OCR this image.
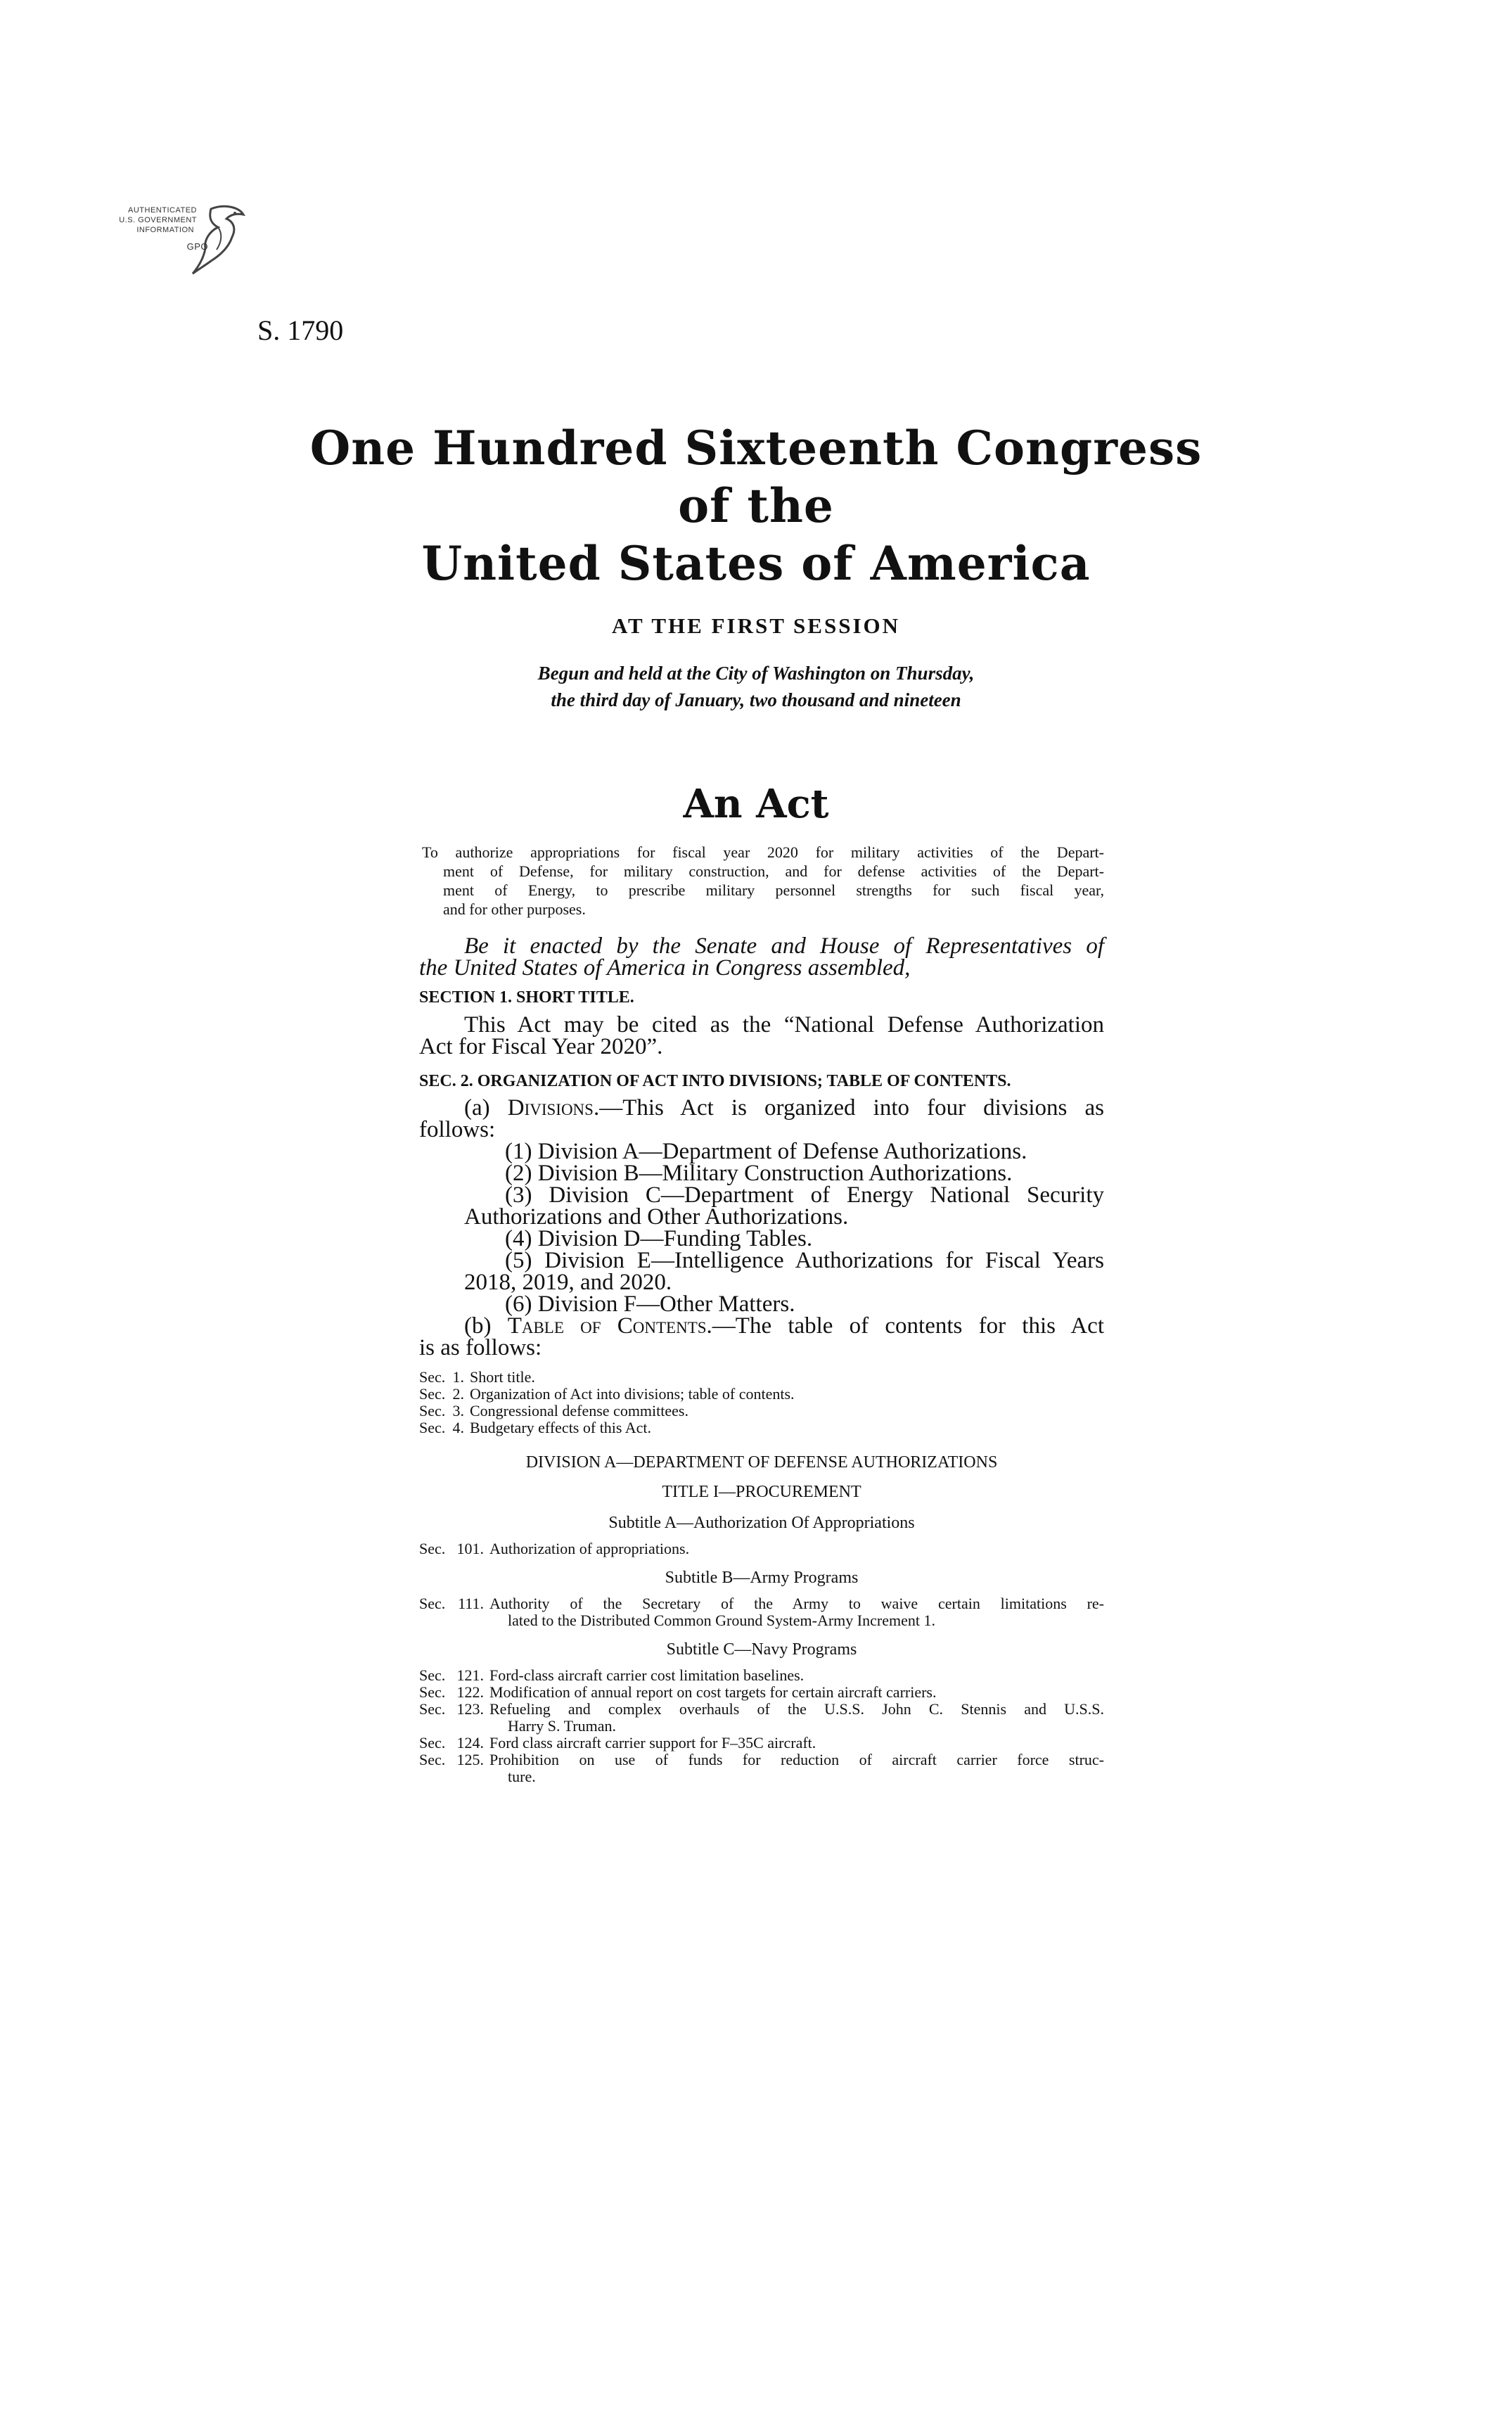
AUTHENTICATED
U.S. GOVERNMENT
INFORMATION
GPO
S. 1790
One Hundred Sixteenth Congress
of the
United States of America
AT THE FIRST SESSION
Begun and held at the City of Washington on Thursday,
the third day of January, two thousand and nineteen
An Act
To authorize appropriations for fiscal year 2020 for military activities of the Depart-
ment of Defense, for military construction, and for defense activities of the Depart-
ment of Energy, to prescribe military personnel strengths for such fiscal year,
and for other purposes.
Be it enacted by the Senate and House of Representatives of
the United States of America in Congress assembled,
SECTION 1. SHORT TITLE.
This Act may be cited as the “National Defense Authorization
Act for Fiscal Year 2020”.
SEC. 2. ORGANIZATION OF ACT INTO DIVISIONS; TABLE OF CONTENTS.
(a) Divisions.—This Act is organized into four divisions as
follows:
(1) Division A—Department of Defense Authorizations.
(2) Division B—Military Construction Authorizations.
(3) Division C—Department of Energy National Security
Authorizations and Other Authorizations.
(4) Division D—Funding Tables.
(5) Division E—Intelligence Authorizations for Fiscal Years
2018, 2019, and 2020.
(6) Division F—Other Matters.
(b) Table of Contents.—The table of contents for this Act
is as follows:
Sec. 1. Short title.
Sec. 2. Organization of Act into divisions; table of contents.
Sec. 3. Congressional defense committees.
Sec. 4. Budgetary effects of this Act.
DIVISION A—DEPARTMENT OF DEFENSE AUTHORIZATIONS
TITLE I—PROCUREMENT
Subtitle A—Authorization Of Appropriations
Sec. 101. Authorization of appropriations.
Subtitle B—Army Programs
Sec. 111. Authority of the Secretary of the Army to waive certain limitations re-
lated to the Distributed Common Ground System-Army Increment 1.
Subtitle C—Navy Programs
Sec. 121. Ford-class aircraft carrier cost limitation baselines.
Sec. 122. Modification of annual report on cost targets for certain aircraft carriers.
Sec. 123. Refueling and complex overhauls of the U.S.S. John C. Stennis and U.S.S.
Harry S. Truman.
Sec. 124. Ford class aircraft carrier support for F–35C aircraft.
Sec. 125. Prohibition on use of funds for reduction of aircraft carrier force struc-
ture.
